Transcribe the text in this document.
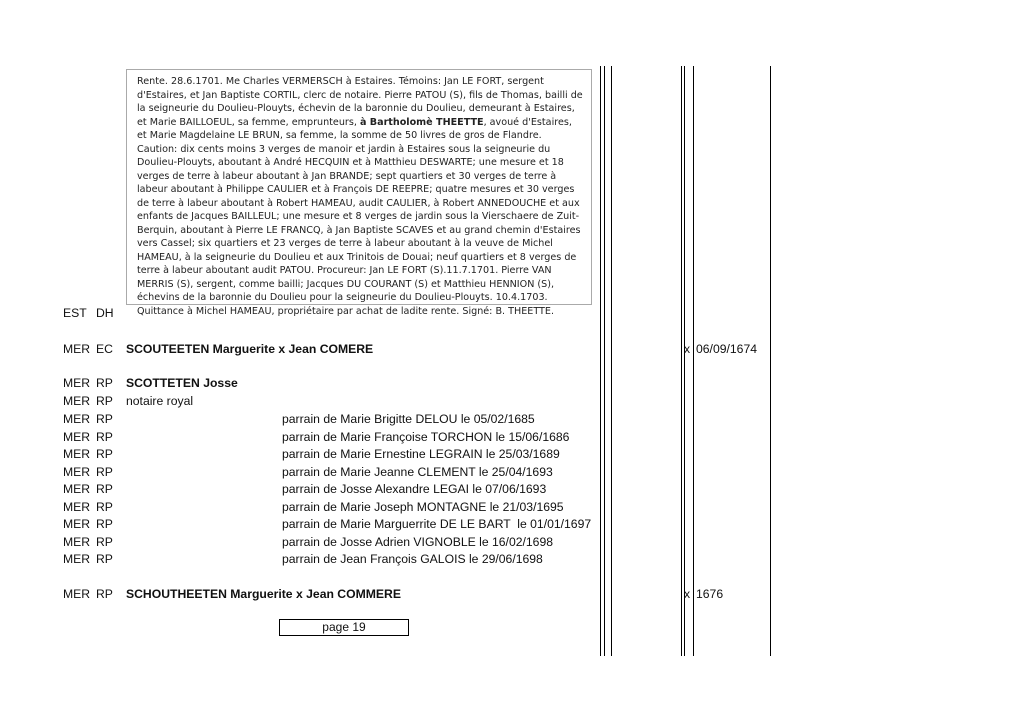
Rente. 28.6.1701. Me Charles VERMERSCH à Estaires. Témoins: Jan LE FORT, sergent d'Estaires, et Jan Baptiste CORTIL, clerc de notaire. Pierre PATOU (S), fils de Thomas, bailli de la seigneurie du Doulieu-Plouyts, échevin de la baronnie du Doulieu, demeurant à Estaires, et Marie BAILLOEUL, sa femme, emprunteurs, à Bartholomè THEETTE, avoué d'Estaires, et Marie Magdelaine LE BRUN, sa femme, la somme de 50 livres de gros de Flandre. Caution: dix cents moins 3 verges de manoir et jardin à Estaires sous la seigneurie du Doulieu-Plouyts, aboutant à André HECQUIN et à Matthieu DESWARTE; une mesure et 18 verges de terre à labeur aboutant à Jan BRANDE; sept quartiers et 30 verges de terre à labeur aboutant à Philippe CAULIER et à François DE REEPRE; quatre mesures et 30 verges de terre à labeur aboutant à Robert HAMEAU, audit CAULIER, à Robert ANNEDOUCHE et aux enfants de Jacques BAILLEUL; une mesure et 8 verges de jardin sous la Vierschaere de Zuit-Berquin, aboutant à Pierre LE FRANCQ, à Jan Baptiste SCAVES et au grand chemin d'Estaires vers Cassel; six quartiers et 23 verges de terre à labeur aboutant à la veuve de Michel HAMEAU, à la seigneurie du Doulieu et aux Trinitois de Douai; neuf quartiers et 8 verges de terre à labeur aboutant audit PATOU. Procureur: Jan LE FORT (S).11.7.1701. Pierre VAN MERRIS (S), sergent, comme bailli; Jacques DU COURANT (S) et Matthieu HENNION (S), échevins de la baronnie du Doulieu pour la seigneurie du Doulieu-Plouyts. 10.4.1703. Quittance à Michel HAMEAU, propriétaire par achat de ladite rente. Signé: B. THEETTE.
EST DH
MER EC SCOUTEETEN Marguerite x Jean COMERE	x 06/09/1674
MER RP SCOTTETEN Josse
MER RP notaire royal
MER RP	parrain de Marie Brigitte DELOU le 05/02/1685
MER RP	parrain de Marie Françoise TORCHON le 15/06/1686
MER RP	parrain de Marie Ernestine LEGRAIN le 25/03/1689
MER RP	parrain de Marie Jeanne CLEMENT le 25/04/1693
MER RP	parrain de Josse Alexandre LEGAI le 07/06/1693
MER RP	parrain de Marie Joseph MONTAGNE le 21/03/1695
MER RP	parrain de Marie Marguerrite DE LE BART  le 01/01/1697
MER RP	parrain de Josse Adrien VIGNOBLE le 16/02/1698
MER RP	parrain de Jean François GALOIS le 29/06/1698
MER RP SCHOUTHEETEN Marguerite x Jean COMMERE	x 1676
page 19
